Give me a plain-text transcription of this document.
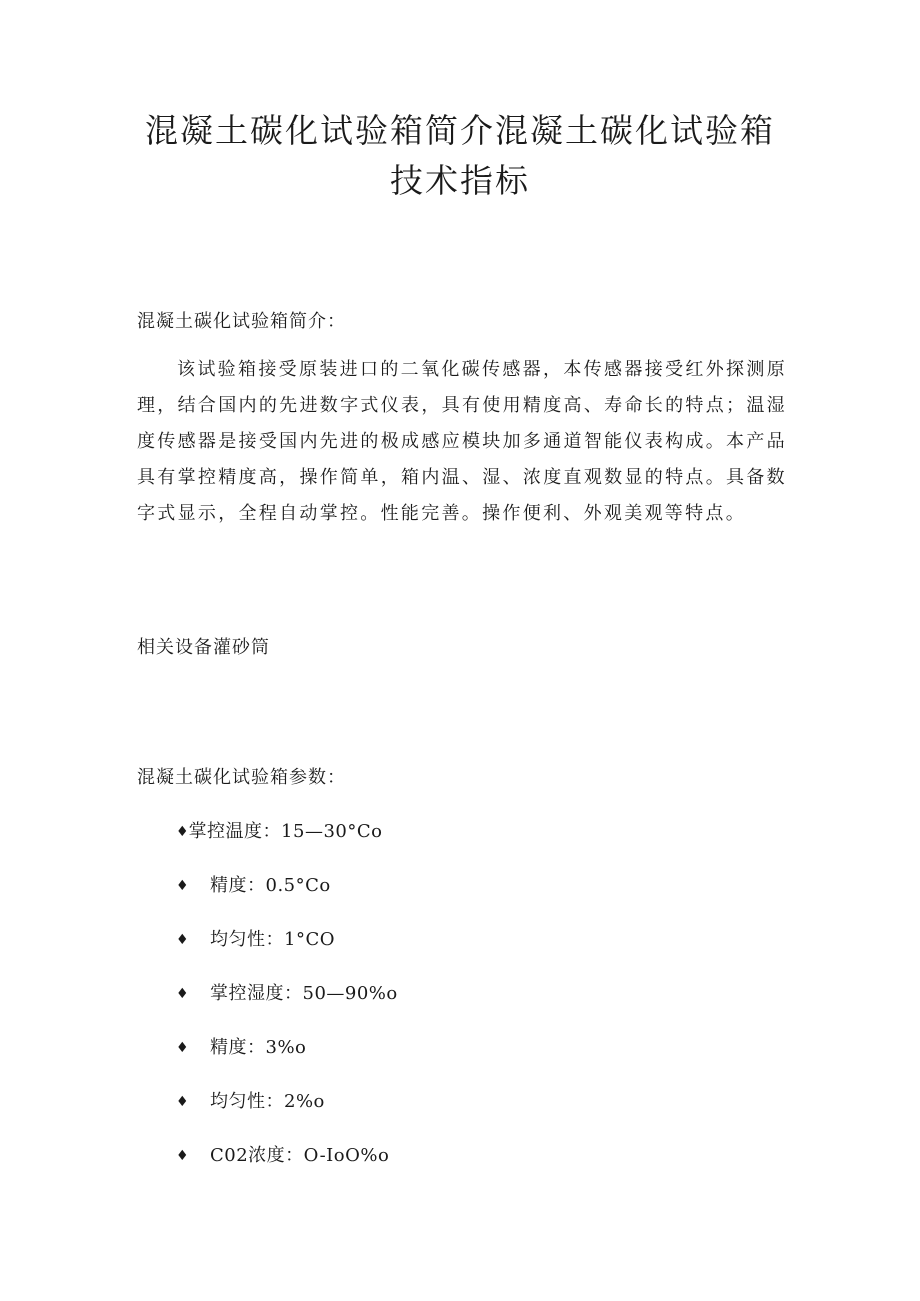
混凝土碳化试验箱简介混凝土碳化试验箱技术指标

混凝土碳化试验箱简介：

该试验箱接受原装进口的二氧化碳传感器，本传感器接受红外探测原理，结合国内的先进数字式仪表，具有使用精度高、寿命长的特点；温湿度传感器是接受国内先进的极成感应模块加多通道智能仪表构成。本产品具有掌控精度高，操作简单，箱内温、湿、浓度直观数显的特点。具备数字式显示，全程自动掌控。性能完善。操作便利、外观美观等特点。

相关设备灌砂筒

混凝土碳化试验箱参数：

♦掌控温度：15—30°Co
♦ 精度：0.5°Co
♦ 均匀性：1°CO
♦ 掌控湿度：50—90%o
♦ 精度：3%o
♦ 均匀性：2%o
♦ C02浓度：O-IoO%o
